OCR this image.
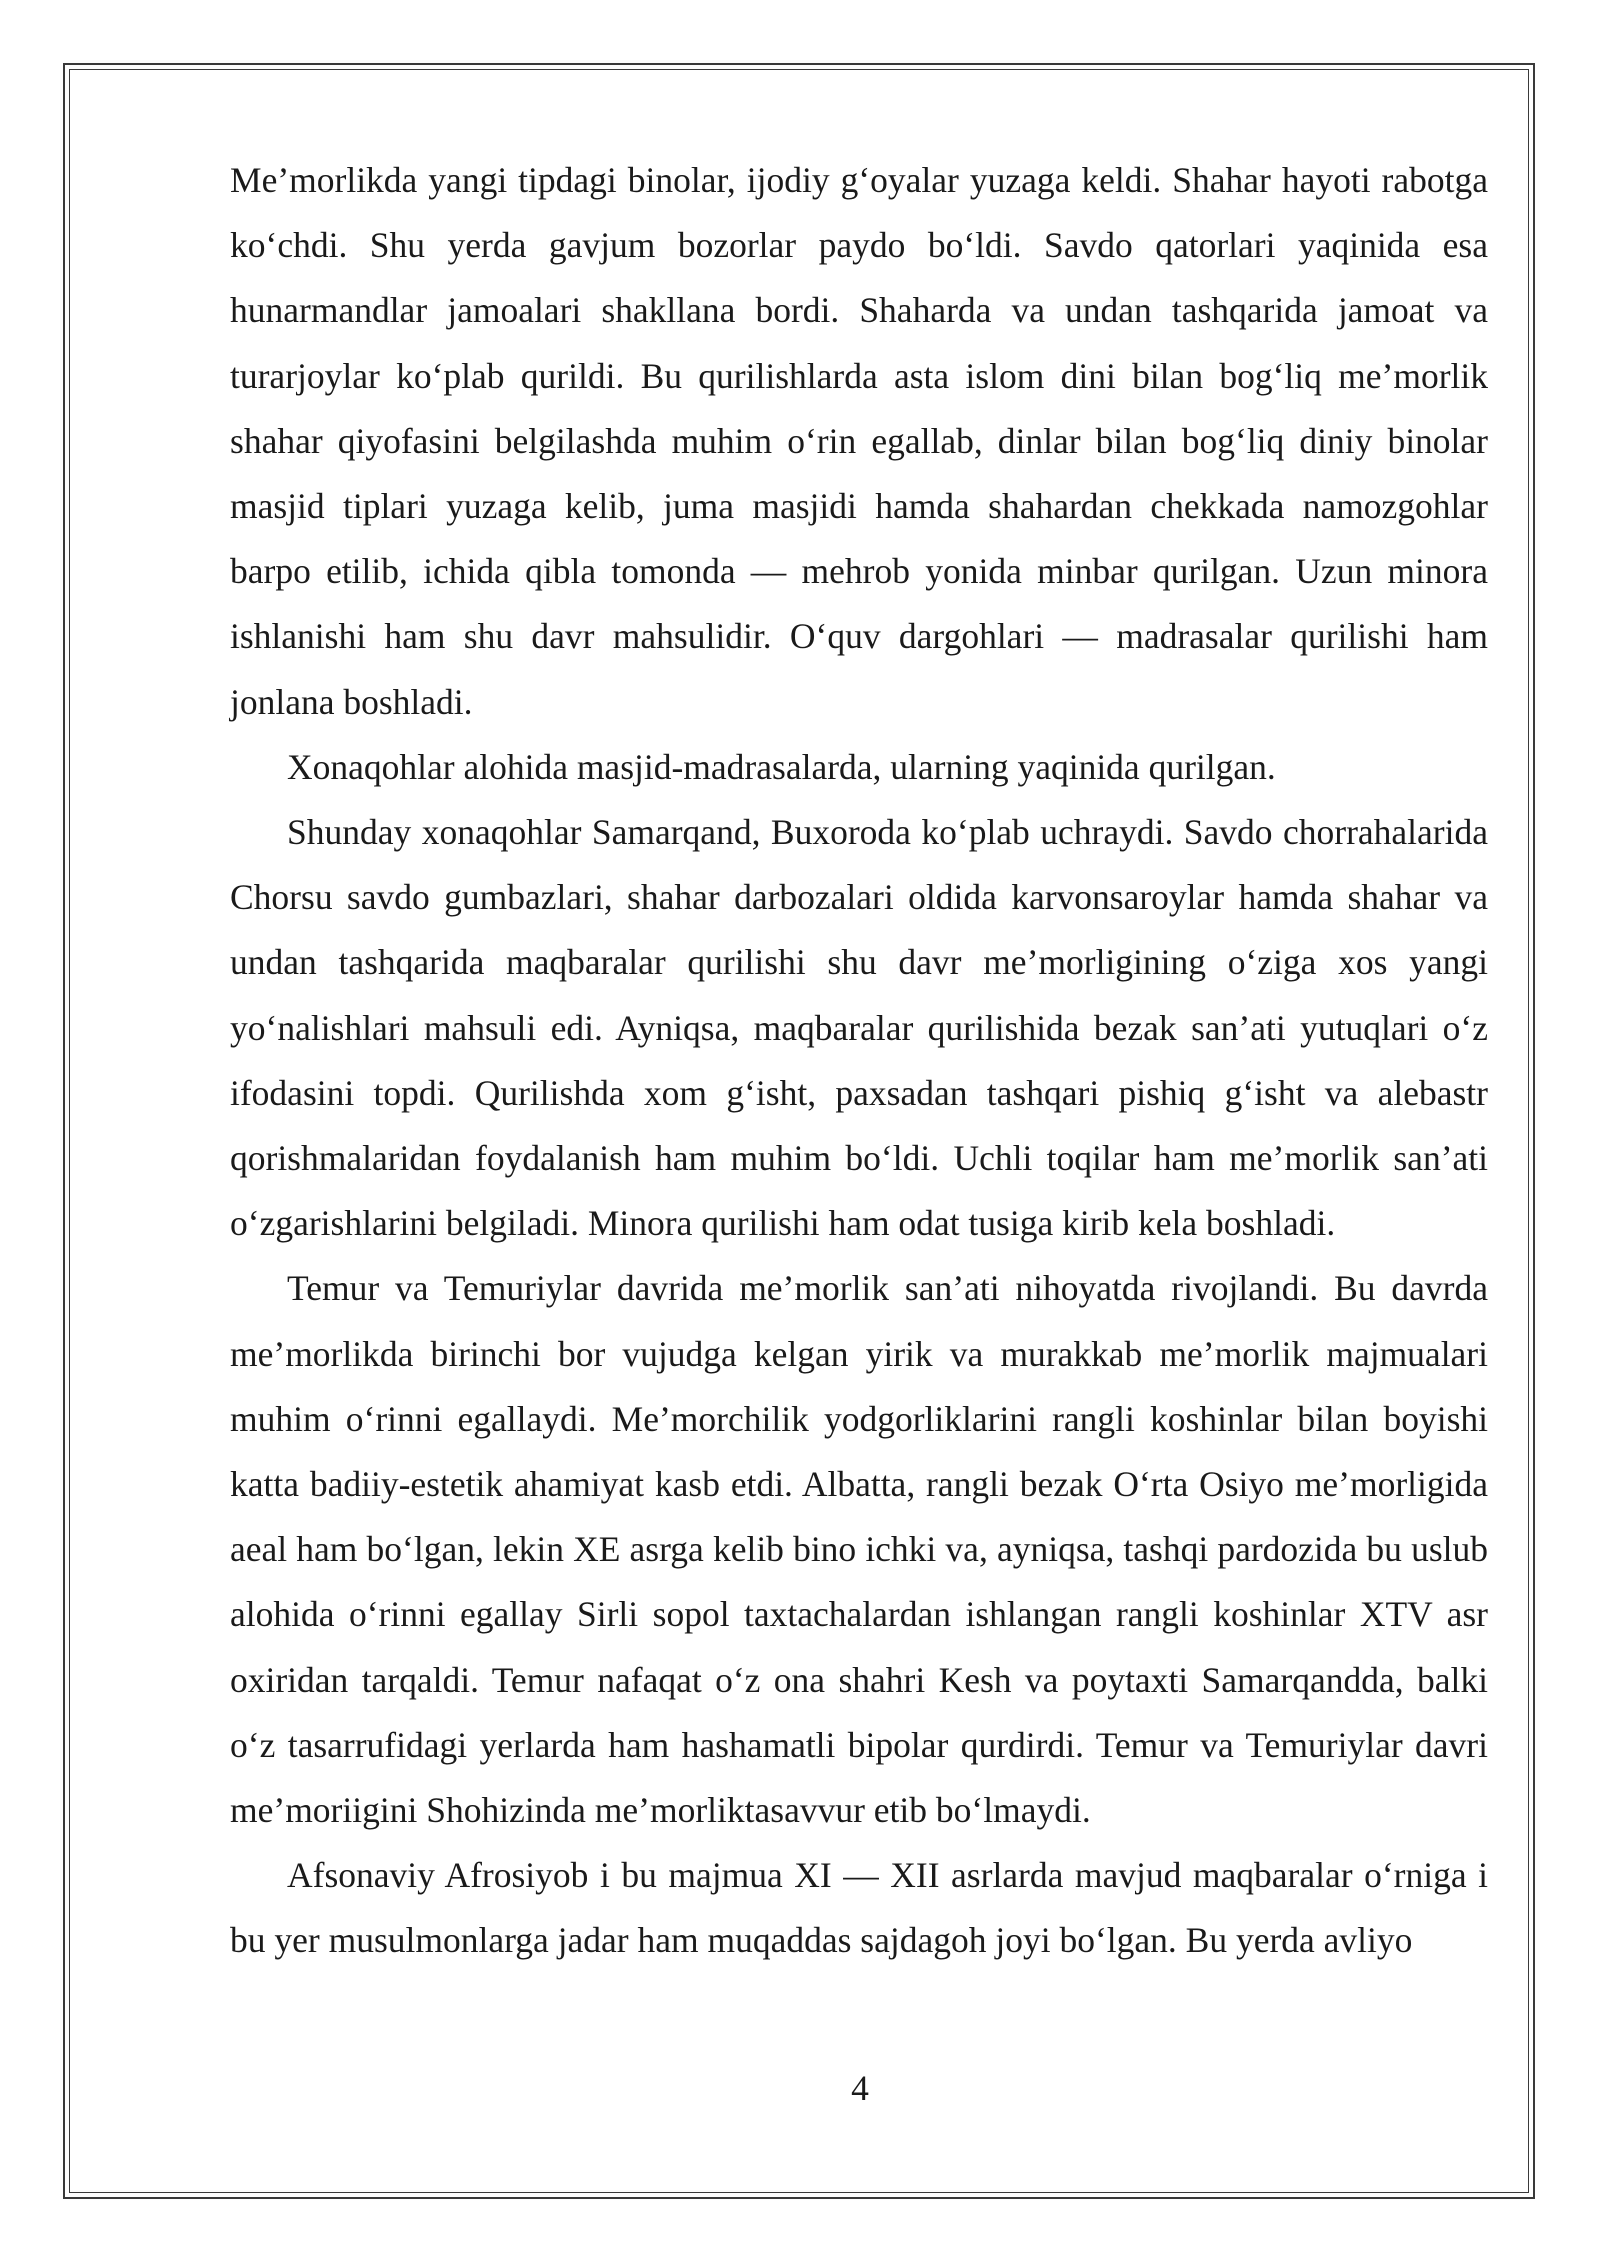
Me’morlikda yangi tipdagi binolar, ijodiy g‘oyalar yuzaga keldi. Shahar hayoti rabotga ko‘chdi. Shu yerda gavjum bozorlar paydo bo‘ldi. Savdo qatorlari yaqinida esa hunarmandlar jamoalari shakllana bordi. Shaharda va undan tashqarida jamoat va turarjoylar ko‘plab qurildi. Bu qurilishlarda asta islom dini bilan bog‘liq me’morlik shahar qiyofasini belgilashda muhim o‘rin egallab, dinlar bilan bog‘liq diniy binolar masjid tiplari yuzaga kelib, juma masjidi hamda shahardan chekkada namozgohlar barpo etilib, ichida qibla tomonda — mehrob yonida minbar qurilgan. Uzun minora ishlanishi ham shu davr mahsulidir. O‘quv dargohlari — madrasalar qurilishi ham jonlana boshladi.

Xonaqohlar alohida masjid-madrasalarda, ularning yaqinida qurilgan.

Shunday xonaqohlar Samarqand, Buxoroda ko‘plab uchraydi. Savdo chorrahalarida Chorsu savdo gumbazlari, shahar darbozalari oldida karvonsaroylar hamda shahar va undan tashqarida maqbaralar qurilishi shu davr me’morligining o‘ziga xos yangi yo‘nalishlari mahsuli edi. Ayniqsa, maqbaralar qurilishida bezak san’ati yutuqlari o‘z ifodasini topdi. Qurilishda xom g‘isht, paxsadan tashqari pishiq g‘isht va alebastr qorishmalaridan foydalanish ham muhim bo‘ldi. Uchli toqilar ham me’morlik san’ati o‘zgarishlarini belgiladi. Minora qurilishi ham odat tusiga kirib kela boshladi.

Temur va Temuriylar davrida me’morlik san’ati nihoyatda rivojlandi. Bu davrda me’morlikda birinchi bor vujudga kelgan yirik va murakkab me’morlik majmualari muhim o‘rinni egallaydi. Me’morchilik yodgorliklarini rangli koshinlar bilan boyishi katta badiiy-estetik ahamiyat kasb etdi. Albatta, rangli bezak O‘rta Osiyo me’morligida aeal ham bo‘lgan, lekin XE asrga kelib bino ichki va, ayniqsa, tashqi pardozida bu uslub alohida o‘rinni egallay Sirli sopol taxtachalardan ishlangan rangli koshinlar XTV asr oxiridan tarqaldi. Temur nafaqat o‘z ona shahri Kesh va poytaxti Samarqandda, balki o‘z tasarrufidagi yerlarda ham hashamatli bipolar qurdirdi. Temur va Temuriylar davri me’moriigini Shohizinda me’morliktasavvur etib bo‘lmaydi.

Afsonaviy Afrosiyob i bu majmua XI — XII asrlarda mavjud maqbaralar o‘rniga i bu yer musulmonlarga jadar ham muqaddas sajdagoh joyi bo‘lgan. Bu yerda avliyo

4
